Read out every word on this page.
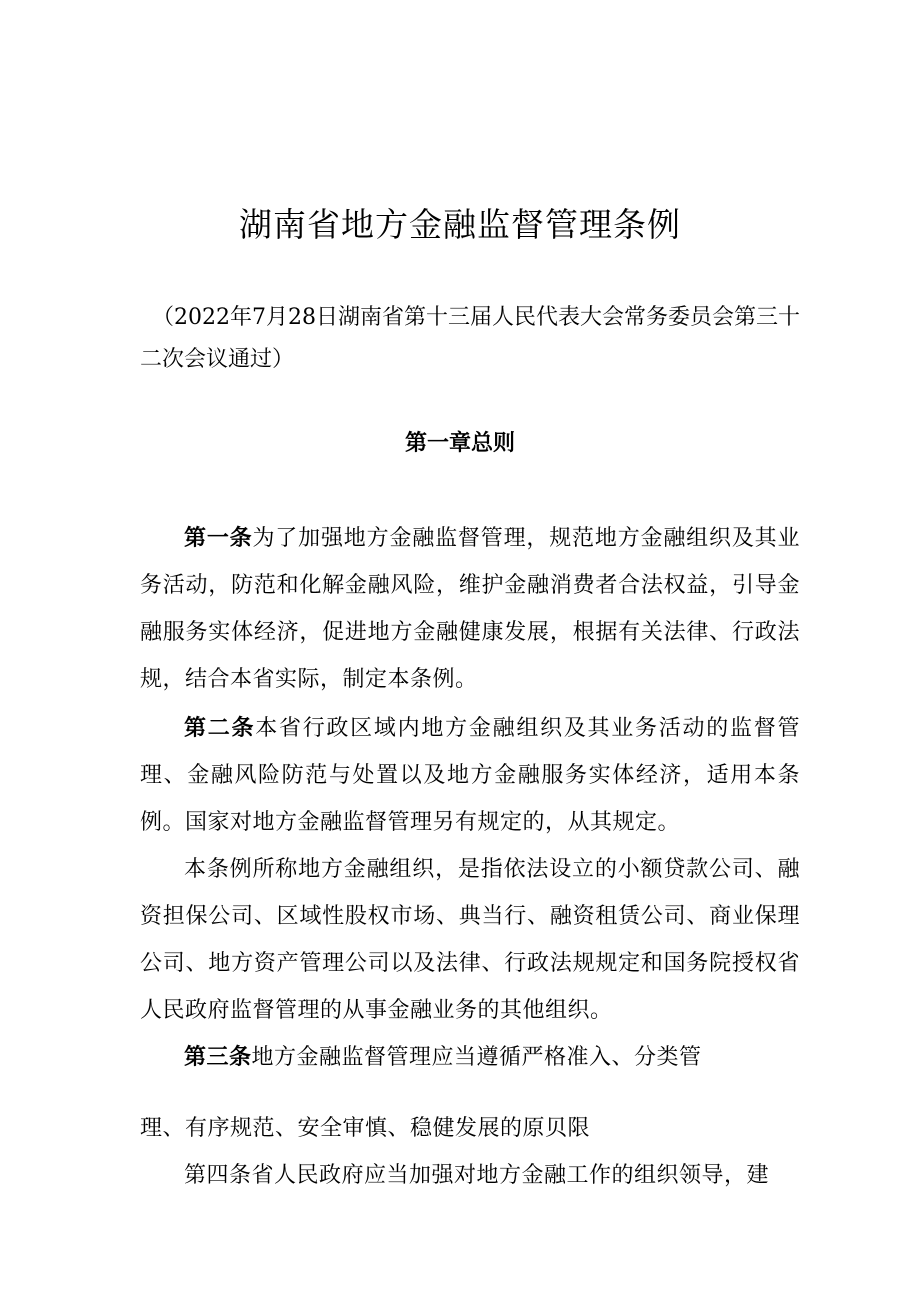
湖南省地方金融监督管理条例
（2022年7月28日湖南省第十三届人民代表大会常务委员会第三十二次会议通过）
第一章总则

第一条为了加强地方金融监督管理，规范地方金融组织及其业务活动，防范和化解金融风险，维护金融消费者合法权益，引导金融服务实体经济，促进地方金融健康发展，根据有关法律、行政法规，结合本省实际，制定本条例。

第二条本省行政区域内地方金融组织及其业务活动的监督管理、金融风险防范与处置以及地方金融服务实体经济，适用本条例。国家对地方金融监督管理另有规定的，从其规定。

本条例所称地方金融组织，是指依法设立的小额贷款公司、融资担保公司、区域性股权市场、典当行、融资租赁公司、商业保理公司、地方资产管理公司以及法律、行政法规规定和国务院授权省人民政府监督管理的从事金融业务的其他组织。

第三条地方金融监督管理应当遵循严格准入、分类管

理、有序规范、安全审慎、稳健发展的原贝限

第四条省人民政府应当加强对地方金融工作的组织领导，建
